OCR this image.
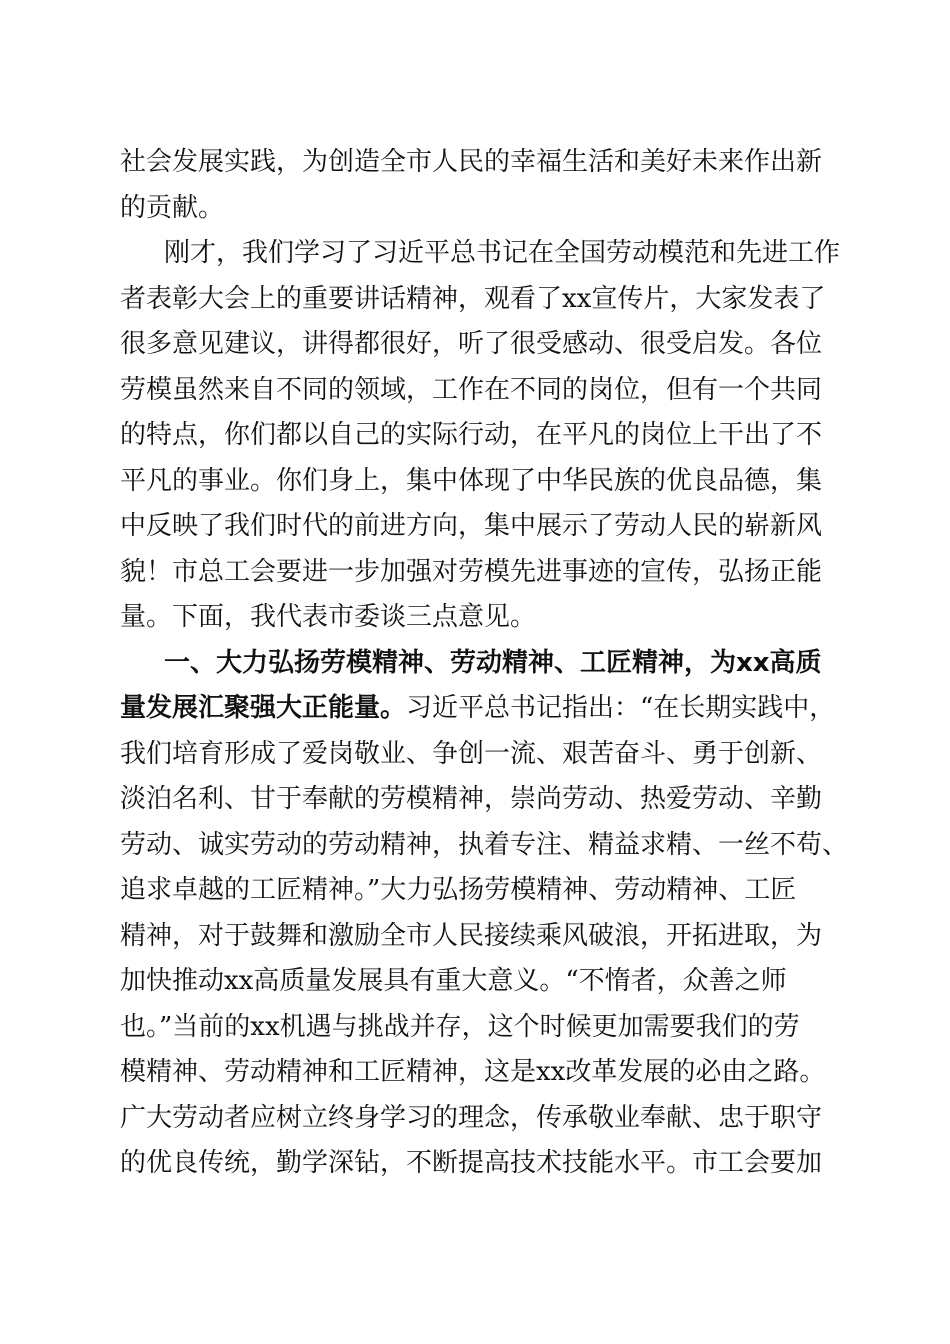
社会发展实践，为创造全市人民的幸福生活和美好未来作出新
的贡献。
刚才，我们学习了习近平总书记在全国劳动模范和先进工作
者表彰大会上的重要讲话精神，观看了xx宣传片，大家发表了
很多意见建议，讲得都很好，听了很受感动、很受启发。各位
劳模虽然来自不同的领域，工作在不同的岗位，但有一个共同
的特点，你们都以自己的实际行动，在平凡的岗位上干出了不
平凡的事业。你们身上，集中体现了中华民族的优良品德，集
中反映了我们时代的前进方向，集中展示了劳动人民的崭新风
貌！市总工会要进一步加强对劳模先进事迹的宣传，弘扬正能
量。下面，我代表市委谈三点意见。
一、大力弘扬劳模精神、劳动精神、工匠精神，为xx高质
量发展汇聚强大正能量。习近平总书记指出：“在长期实践中，
我们培育形成了爱岗敬业、争创一流、艰苦奋斗、勇于创新、
淡泊名利、甘于奉献的劳模精神，崇尚劳动、热爱劳动、辛勤
劳动、诚实劳动的劳动精神，执着专注、精益求精、一丝不苟、
追求卓越的工匠精神。”大力弘扬劳模精神、劳动精神、工匠
精神，对于鼓舞和激励全市人民接续乘风破浪，开拓进取，为
加快推动xx高质量发展具有重大意义。“不惰者，众善之师
也。”当前的xx机遇与挑战并存，这个时候更加需要我们的劳
模精神、劳动精神和工匠精神，这是xx改革发展的必由之路。
广大劳动者应树立终身学习的理念，传承敬业奉献、忠于职守
的优良传统，勤学深钻，不断提高技术技能水平。市工会要加
